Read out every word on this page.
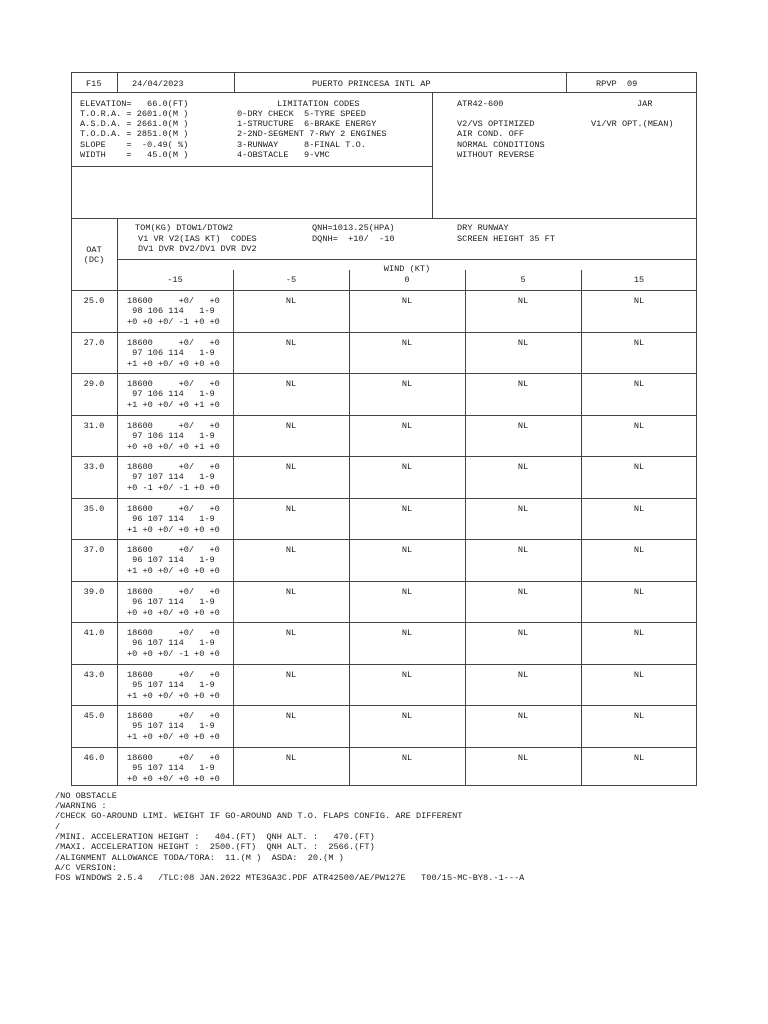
F15	24/04/2023	PUERTO PRINCESA INTL AP	RPVP  09
ELEVATION=   66.0(FT)
T.O.R.A. = 2601.0(M )
A.S.D.A. = 2661.0(M )
T.O.D.A. = 2851.0(M )
SLOPE    =  -0.49( %)
WIDTH    =   45.0(M )
LIMITATION CODES
0-DRY CHECK  5-TYRE SPEED
1-STRUCTURE  6-BRAKE ENERGY
2-2ND-SEGMENT 7-RWY 2 ENGINES
3-RUNWAY     8-FINAL T.O.
4-OBSTACLE   9-VMC
ATR42-600	JAR
V2/VS OPTIMIZED	V1/VR OPT.(MEAN)
AIR COND. OFF
NORMAL CONDITIONS
WITHOUT REVERSE
TOM(KG) DTOW1/DTOW2
V1 VR V2(IAS KT)  CODES
DV1 DVR DV2/DV1 DVR DV2
QNH=1013.25(HPA)
DQNH=  +10/  -10
DRY RUNWAY
SCREEN HEIGHT 35 FT
OAT
(DC)
WIND (KT)
-15	-5	0	5	15
25.0	18600     +0/   +0
98 106 114   1-9
+0 +0 +0/ -1 +0 +0
NL	NL	NL	NL
27.0	18600     +0/   +0
97 106 114   1-9
+1 +0 +0/ +0 +0 +0
NL	NL	NL	NL
29.0	18600     +0/   +0
97 106 114   1-9
+1 +0 +0/ +0 +1 +0
NL	NL	NL	NL
31.0	18600     +0/   +0
97 106 114   1-9
+0 +0 +0/ +0 +1 +0
NL	NL	NL	NL
33.0	18600     +0/   +0
97 107 114   1-9
+0 -1 +0/ -1 +0 +0
NL	NL	NL	NL
35.0	18600     +0/   +0
96 107 114   1-9
+1 +0 +0/ +0 +0 +0
NL	NL	NL	NL
37.0	18600     +0/   +0
96 107 114   1-9
+1 +0 +0/ +0 +0 +0
NL	NL	NL	NL
39.0	18600     +0/   +0
96 107 114   1-9
+0 +0 +0/ +0 +0 +0
NL	NL	NL	NL
41.0	18600     +0/   +0
96 107 114   1-9
+0 +0 +0/ -1 +0 +0
NL	NL	NL	NL
43.0	18600     +0/   +0
95 107 114   1-9
+1 +0 +0/ +0 +0 +0
NL	NL	NL	NL
45.0	18600     +0/   +0
95 107 114   1-9
+1 +0 +0/ +0 +0 +0
NL	NL	NL	NL
46.0	18600     +0/   +0
95 107 114   1-9
+0 +0 +0/ +0 +0 +0
NL	NL	NL	NL
/NO OBSTACLE
/WARNING :
/CHECK GO-AROUND LIMI. WEIGHT IF GO-AROUND AND T.O. FLAPS CONFIG. ARE DIFFERENT
/
/MINI. ACCELERATION HEIGHT :   404.(FT)  QNH ALT. :   470.(FT)
/MAXI. ACCELERATION HEIGHT :  2500.(FT)  QNH ALT. :  2566.(FT)
/ALIGNMENT ALLOWANCE TODA/TORA:  11.(M )  ASDA:  20.(M )
A/C VERSION:
FOS WINDOWS 2.5.4   /TLC:08 JAN.2022 MTE3GA3C.PDF ATR42500/AE/PW127E   T00/15-MC-BY8.-1---A
